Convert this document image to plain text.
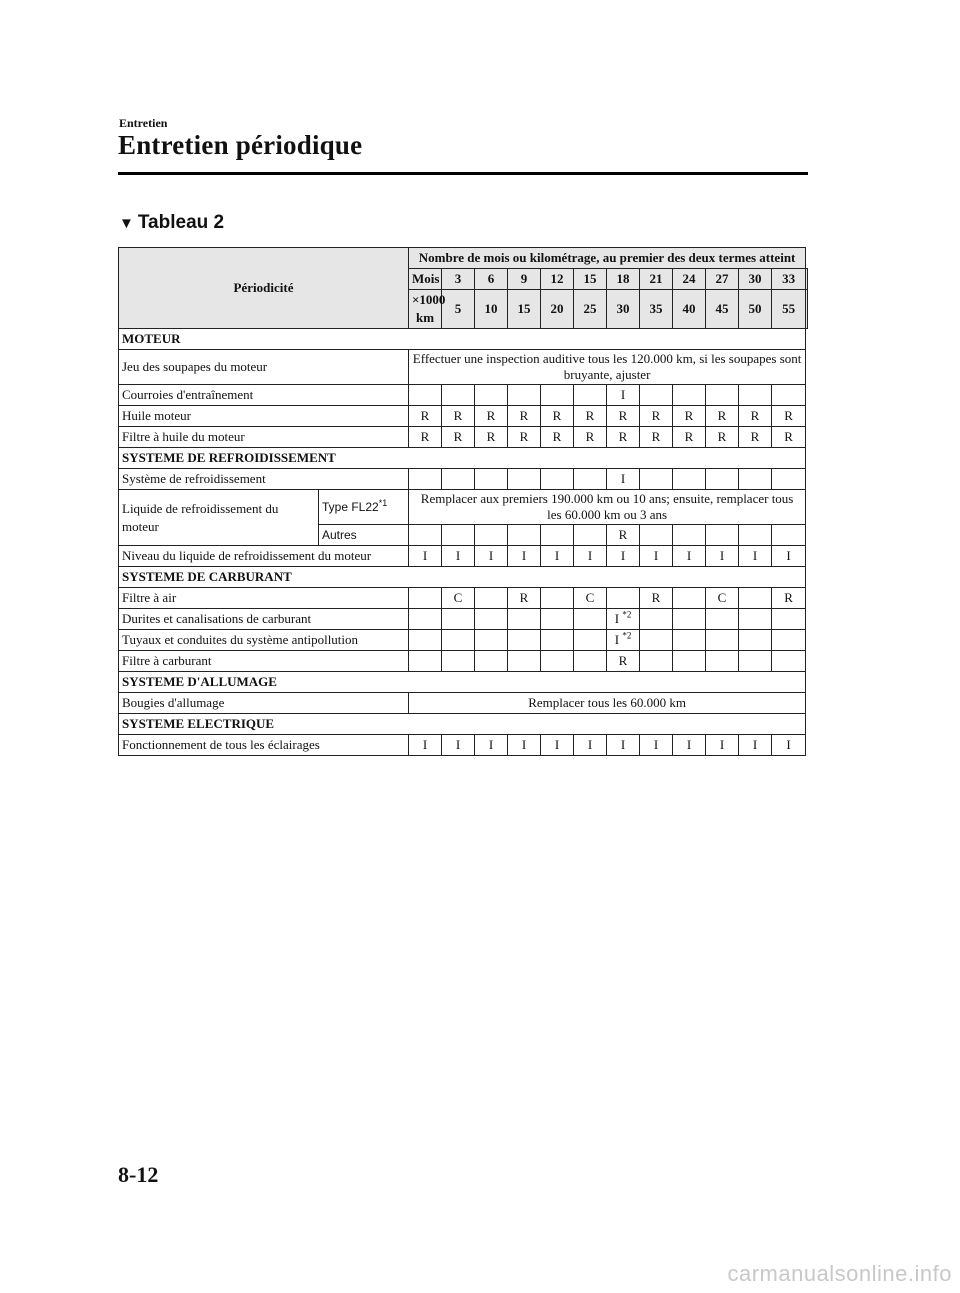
Entretien
Entretien périodique
▼ Tableau 2
Périodicité		Nombre de mois ou kilométrage, au premier des deux termes atteint												
		Mois	3	6	9	12	15	18	21	24	27	30	33	
		×1000 km	5	10	15	20	25	30	35	40	45	50	55	
MOTEUR														
Jeu des soupapes du moteur		Effectuer une inspection auditive tous les 120.000 km, si les soupapes sont bruyante, ajuster												
Courroies d'entraînement								I						
Huile moteur		R	R	R	R	R	R	R	R	R	R	R	R	
Filtre à huile du moteur		R	R	R	R	R	R	R	R	R	R	R	R	
SYSTEME DE REFROIDISSEMENT														
Système de refroidissement								I						
Liquide de refroidissement du moteur	Type FL22$^{*1}$	Remplacer aux premiers 190.000 km ou 10 ans; ensuite, remplacer tous les 60.000 km ou 3 ans												
	Autres							R						
Niveau du liquide de refroidissement du moteur		I	I	I	I	I	I	I	I	I	I	I	I	
SYSTEME DE CARBURANT														
Filtre à air			C		R		C		R		C		R	
Durites et canalisations de carburant								I $^{*2}$					
Tuyaux et conduites du système antipollution								I $^{*2}$					
Filtre à carburant								R						
SYSTEME D'ALLUMAGE														
Bougies d'allumage		Remplacer tous les 60.000 km												
SYSTEME ELECTRIQUE														
Fonctionnement de tous les éclairages		I	I	I	I	I	I	I	I	I	I	I	I	
8-12
carmanualsonline.info
